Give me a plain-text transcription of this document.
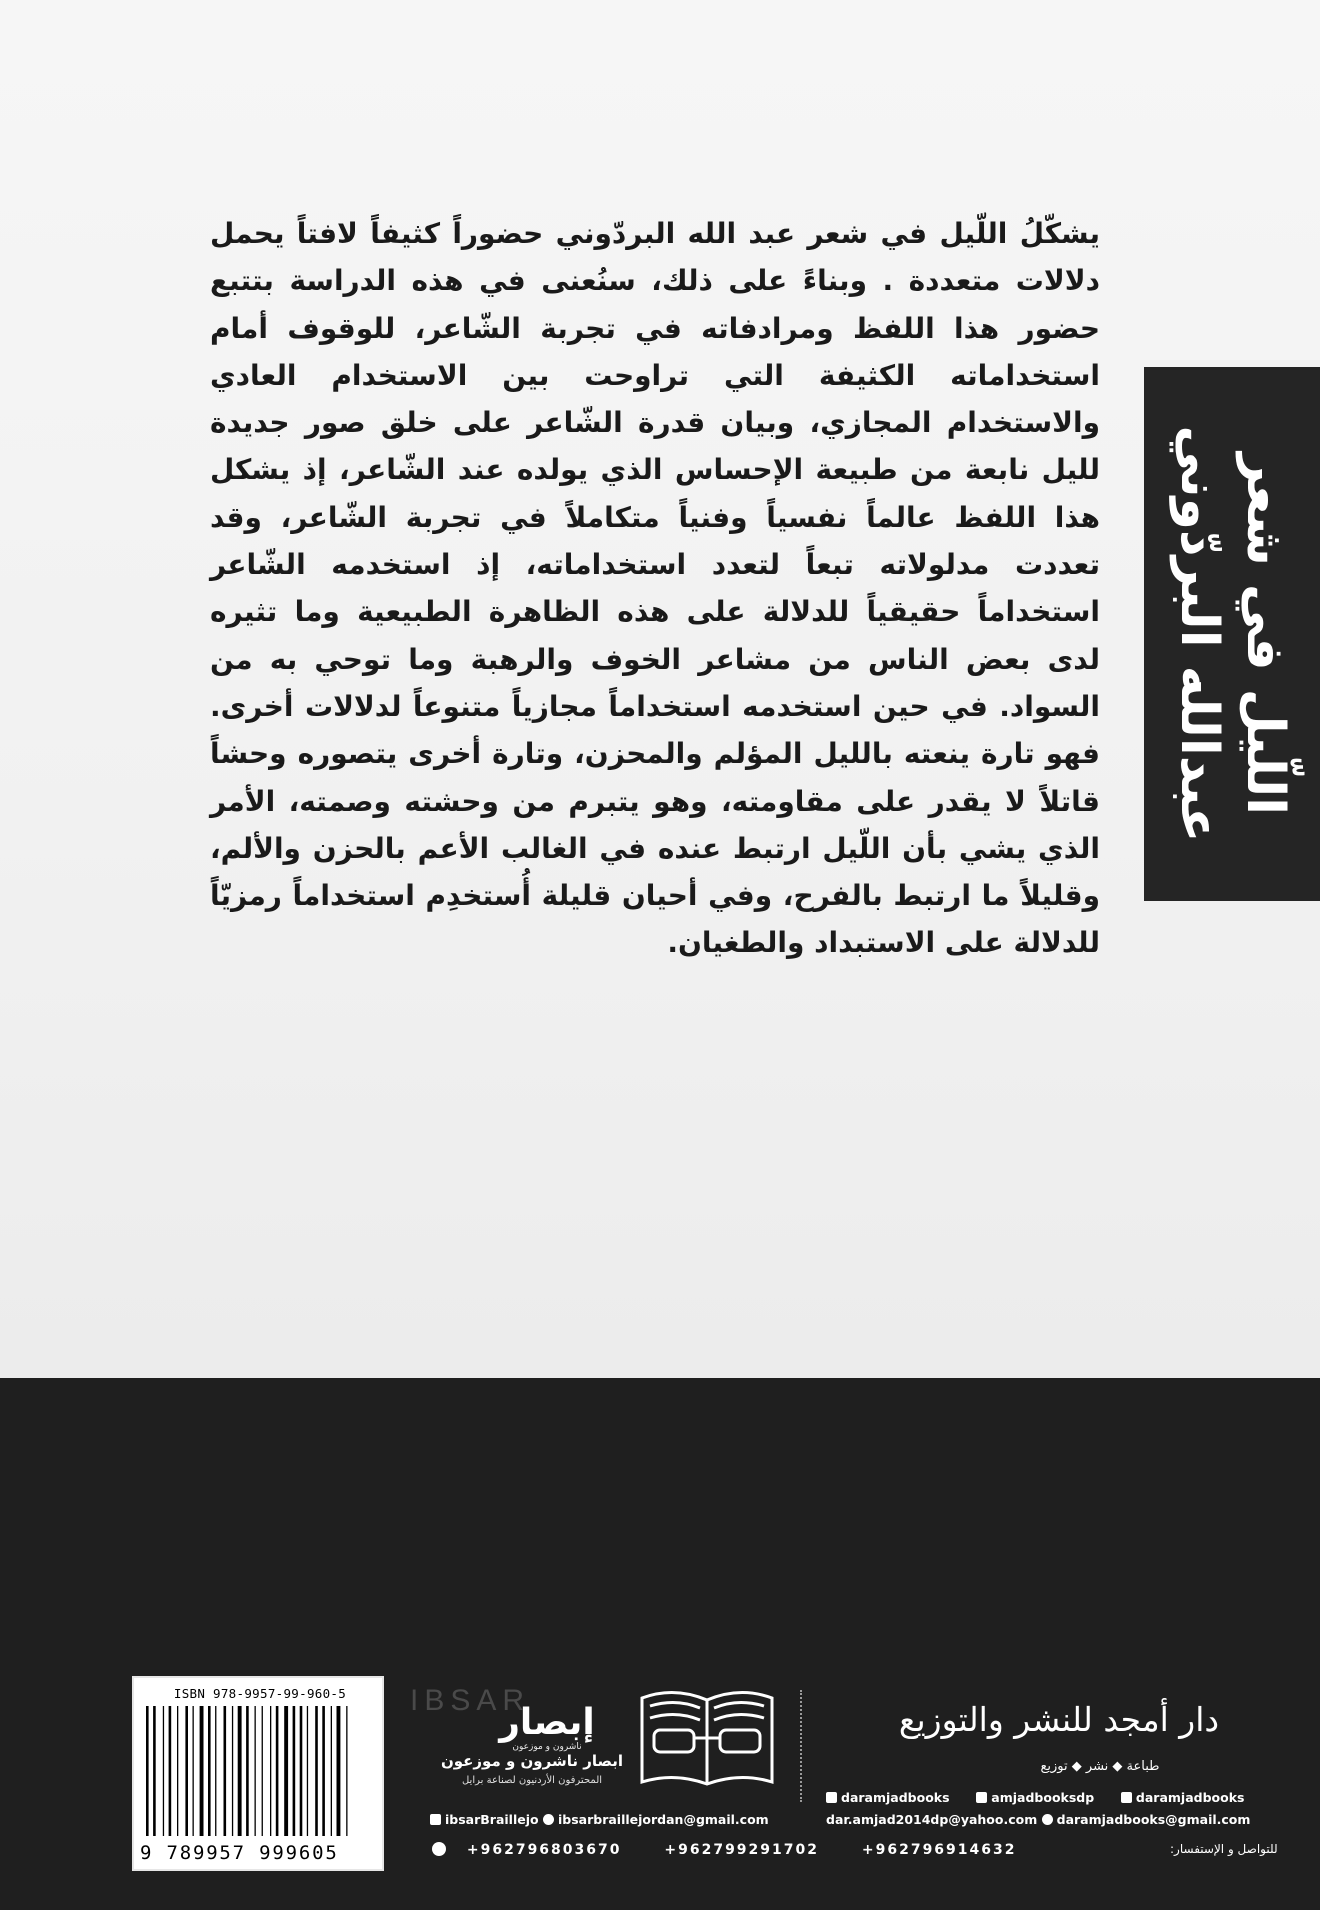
يشكّلُ اللّيل في شعر عبد الله البردّوني حضوراً كثيفاً لافتاً يحمل دلالات متعددة . وبناءً على ذلك، سنُعنى في هذه الدراسة بتتبع حضور هذا اللفظ ومرادفاته في تجربة الشّاعر، للوقوف أمام استخداماته الكثيفة التي تراوحت بين الاستخدام العادي والاستخدام المجازي، وبيان قدرة الشّاعر على خلق صور جديدة لليل نابعة من طبيعة الإحساس الذي يولده عند الشّاعر، إذ يشكل هذا اللفظ عالماً نفسياً وفنياً متكاملاً في تجربة الشّاعر، وقد تعددت مدلولاته تبعاً لتعدد استخداماته، إذ استخدمه الشّاعر استخداماً حقيقياً للدلالة على هذه الظاهرة الطبيعية وما تثيره لدى بعض الناس من مشاعر الخوف والرهبة وما توحي به من السواد. في حين استخدمه استخداماً مجازياً متنوعاً لدلالات أخرى. فهو تارة ينعته بالليل المؤلم والمحزن، وتارة أخرى يتصوره وحشاً قاتلاً لا يقدر على مقاومته، وهو يتبرم من وحشته وصمته، الأمر الذي يشي بأن اللّيل ارتبط عنده في الغالب الأعم بالحزن والألم، وقليلاً ما ارتبط بالفرح، وفي أحيان قليلة أُستخدِم استخداماً رمزيّاً للدلالة على الاستبداد والطغيان.

اللّيل في شعر
عبدالله البردّوني
ISBN 978-9957-99-960-5
9 789957 999605
IBSAR
إبصار
ناشرون و موزعون
ابصار ناشرون و موزعون
المحترفون الأردنيون لصناعة برايل
دار أمجد للنشر والتوزيع
طباعة ◆ نشر ◆ توزيع
daramjadbooks	amjadbooksdp	daramjadbooks
dar.amjad2014dp@yahoo.com daramjadbooks@gmail.com
ibsarBraillejo ibsarbraillejordan@gmail.com
+962796803670	+962799291702	+962796914632	للتواصل و الإستفسار:
